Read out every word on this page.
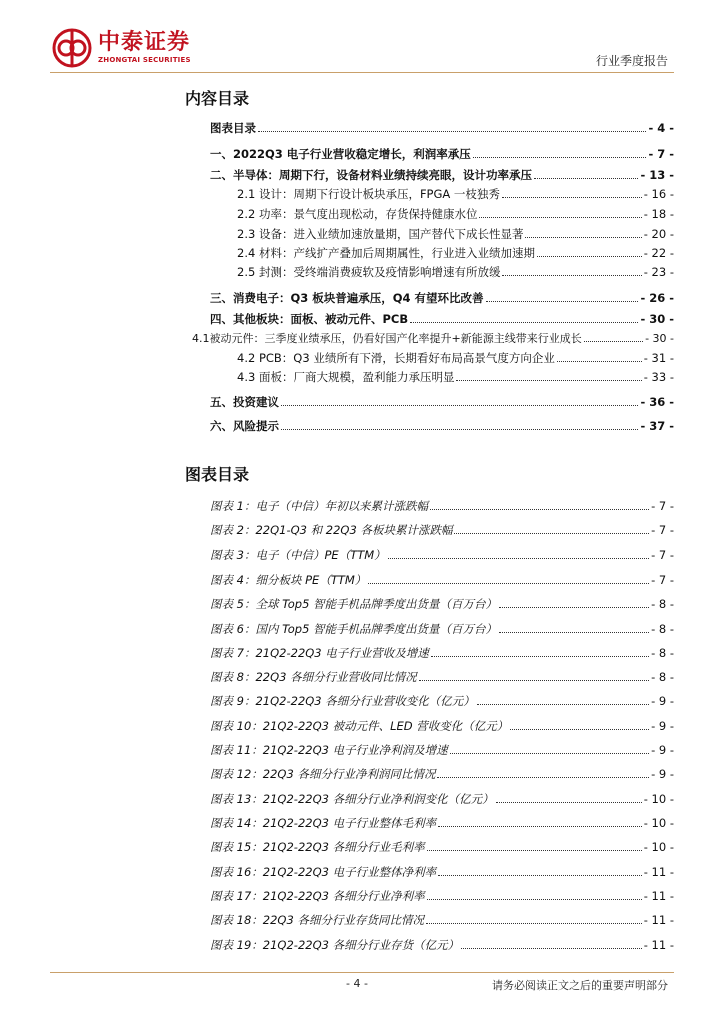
中泰证券
ZHONGTAI SECURITIES	行业季度报告
内容目录
图表目录	- 4 -
一、2022Q3 电子行业营收稳定增长，利润率承压	- 7 -
二、半导体：周期下行，设备材料业绩持续亮眼，设计功率承压	- 13 -
2.1 设计：周期下行设计板块承压，FPGA 一枝独秀	- 16 -
2.2 功率：景气度出现松动，存货保持健康水位	- 18 -
2.3 设备：进入业绩加速放量期，国产替代下成长性显著	- 20 -
2.4 材料：产线扩产叠加后周期属性，行业进入业绩加速期	- 22 -
2.5 封测：受终端消费疲软及疫情影响增速有所放缓	- 23 -
三、消费电子：Q3 板块普遍承压，Q4 有望环比改善	- 26 -
四、其他板块：面板、被动元件、PCB	- 30 -
4.1被动元件：三季度业绩承压，仍看好国产化率提升+新能源主线带来行业成长	- 30 -
4.2 PCB：Q3 业绩所有下滑，长期看好布局高景气度方向企业	- 31 -
4.3 面板：厂商大规模，盈利能力承压明显	- 33 -
五、投资建议	- 36 -
六、风险提示	- 37 -
图表目录
图表 1：电子（中信）年初以来累计涨跌幅	- 7 -
图表 2：22Q1-Q3 和 22Q3 各板块累计涨跌幅	- 7 -
图表 3：电子（中信）PE（TTM）	- 7 -
图表 4：细分板块 PE（TTM）	- 7 -
图表 5：全球 Top5 智能手机品牌季度出货量（百万台）	- 8 -
图表 6：国内 Top5 智能手机品牌季度出货量（百万台）	- 8 -
图表 7：21Q2-22Q3 电子行业营收及增速	- 8 -
图表 8：22Q3 各细分行业营收同比情况	- 8 -
图表 9：21Q2-22Q3 各细分行业营收变化（亿元）	- 9 -
图表 10：21Q2-22Q3 被动元件、LED 营收变化（亿元）	- 9 -
图表 11：21Q2-22Q3 电子行业净利润及增速	- 9 -
图表 12：22Q3 各细分行业净利润同比情况	- 9 -
图表 13：21Q2-22Q3 各细分行业净利润变化（亿元）	- 10 -
图表 14：21Q2-22Q3 电子行业整体毛利率	- 10 -
图表 15：21Q2-22Q3 各细分行业毛利率	- 10 -
图表 16：21Q2-22Q3 电子行业整体净利率	- 11 -
图表 17：21Q2-22Q3 各细分行业净利率	- 11 -
图表 18：22Q3 各细分行业存货同比情况	- 11 -
图表 19：21Q2-22Q3 各细分行业存货（亿元）	- 11 -
- 4 -	请务必阅读正文之后的重要声明部分
